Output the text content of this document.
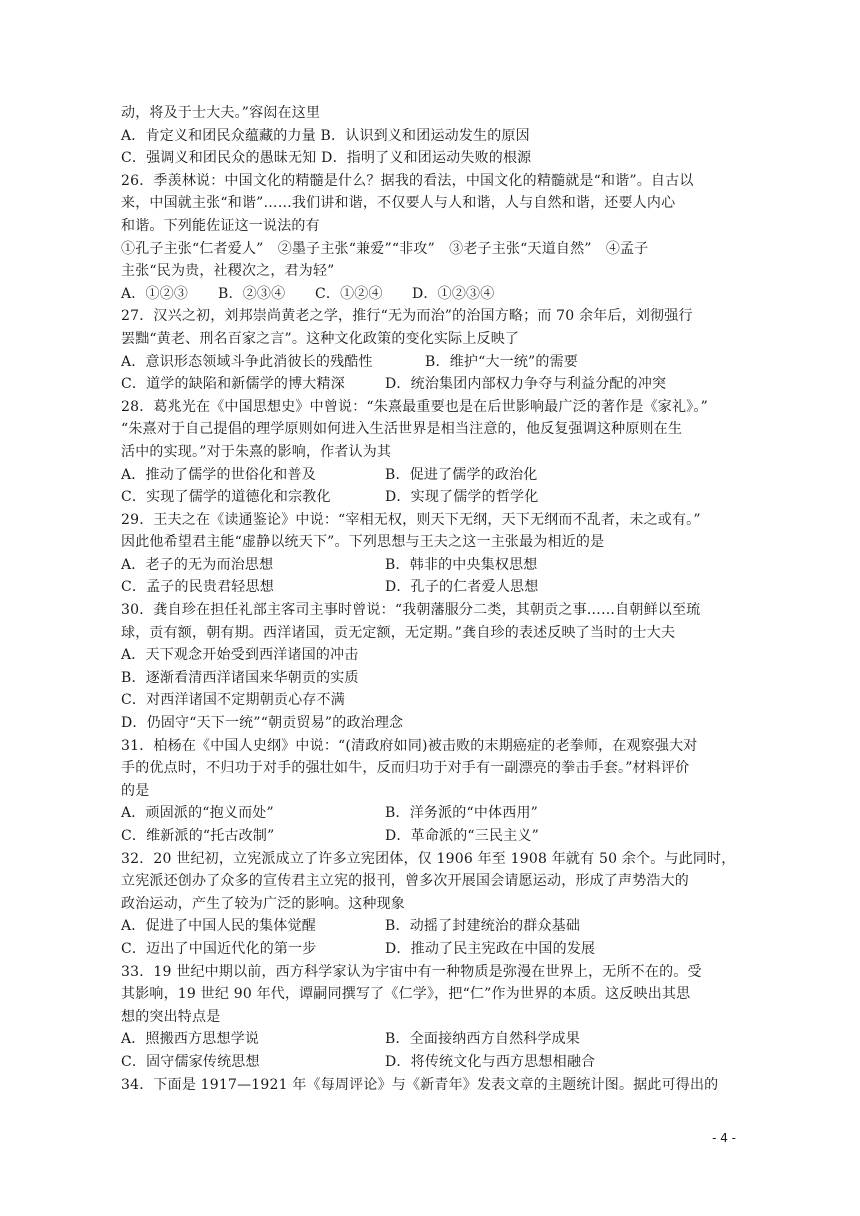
动，将及于士大夫。”容闳在这里
A．肯定义和团民众蕴藏的力量 B．认识到义和团运动发生的原因
C．强调义和团民众的愚昧无知 D．指明了义和团运动失败的根源
26．季羡林说：中国文化的精髓是什么？据我的看法，中国文化的精髓就是“和谐”。自古以
来，中国就主张“和谐”……我们讲和谐，不仅要人与人和谐，人与自然和谐，还要人内心
和谐。下列能佐证这一说法的有
①孔子主张“仁者爱人”　②墨子主张“兼爱”“非攻”　③老子主张“天道自然”　④孟子
主张“民为贵，社稷次之，君为轻”
A．①②③	B．②③④	C．①②④	D．①②③④
27．汉兴之初，刘邦崇尚黄老之学，推行“无为而治”的治国方略；而 70 余年后，刘彻强行
罢黜“黄老、刑名百家之言”。这种文化政策的变化实际上反映了
A．意识形态领域斗争此消彼长的残酷性	B．维护“大一统”的需要
C．道学的缺陷和新儒学的博大精深	D．统治集团内部权力争夺与利益分配的冲突
28．葛兆光在《中国思想史》中曾说：“朱熹最重要也是在后世影响最广泛的著作是《家礼》。”
“朱熹对于自己提倡的理学原则如何进入生活世界是相当注意的，他反复强调这种原则在生
活中的实现。”对于朱熹的影响，作者认为其
A．推动了儒学的世俗化和普及	B．促进了儒学的政治化
C．实现了儒学的道德化和宗教化	D．实现了儒学的哲学化
29．王夫之在《读通鉴论》中说：“宰相无权，则天下无纲，天下无纲而不乱者，未之或有。”
因此他希望君主能“虚静以统天下”。下列思想与王夫之这一主张最为相近的是
A．老子的无为而治思想	B．韩非的中央集权思想
C．孟子的民贵君轻思想	D．孔子的仁者爱人思想
30．龚自珍在担任礼部主客司主事时曾说：“我朝藩服分二类，其朝贡之事……自朝鲜以至琉
球，贡有额，朝有期。西洋诸国，贡无定额，无定期。”龚自珍的表述反映了当时的士大夫
A．天下观念开始受到西洋诸国的冲击
B．逐渐看清西洋诸国来华朝贡的实质
C．对西洋诸国不定期朝贡心存不满
D．仍固守“天下一统”“朝贡贸易”的政治理念
31．柏杨在《中国人史纲》中说：“(清政府如同)被击败的末期癌症的老拳师，在观察强大对
手的优点时，不归功于对手的强壮如牛，反而归功于对手有一副漂亮的拳击手套。”材料评价
的是
A．顽固派的“抱义而处”	B．洋务派的“中体西用”
C．维新派的“托古改制”	D．革命派的“三民主义”
32．20 世纪初，立宪派成立了许多立宪团体，仅 1906 年至 1908 年就有 50 余个。与此同时，
立宪派还创办了众多的宣传君主立宪的报刊，曾多次开展国会请愿运动，形成了声势浩大的
政治运动，产生了较为广泛的影响。这种现象
A．促进了中国人民的集体觉醒	B．动摇了封建统治的群众基础
C．迈出了中国近代化的第一步	D．推动了民主宪政在中国的发展
33．19 世纪中期以前，西方科学家认为宇宙中有一种物质是弥漫在世界上，无所不在的。受
其影响，19 世纪 90 年代，谭嗣同撰写了《仁学》，把“仁”作为世界的本质。这反映出其思
想的突出特点是
A．照搬西方思想学说	B．全面接纳西方自然科学成果
C．固守儒家传统思想	D．将传统文化与西方思想相融合
34．下面是 1917—1921 年《每周评论》与《新青年》发表文章的主题统计图。据此可得出的
- 4 -
